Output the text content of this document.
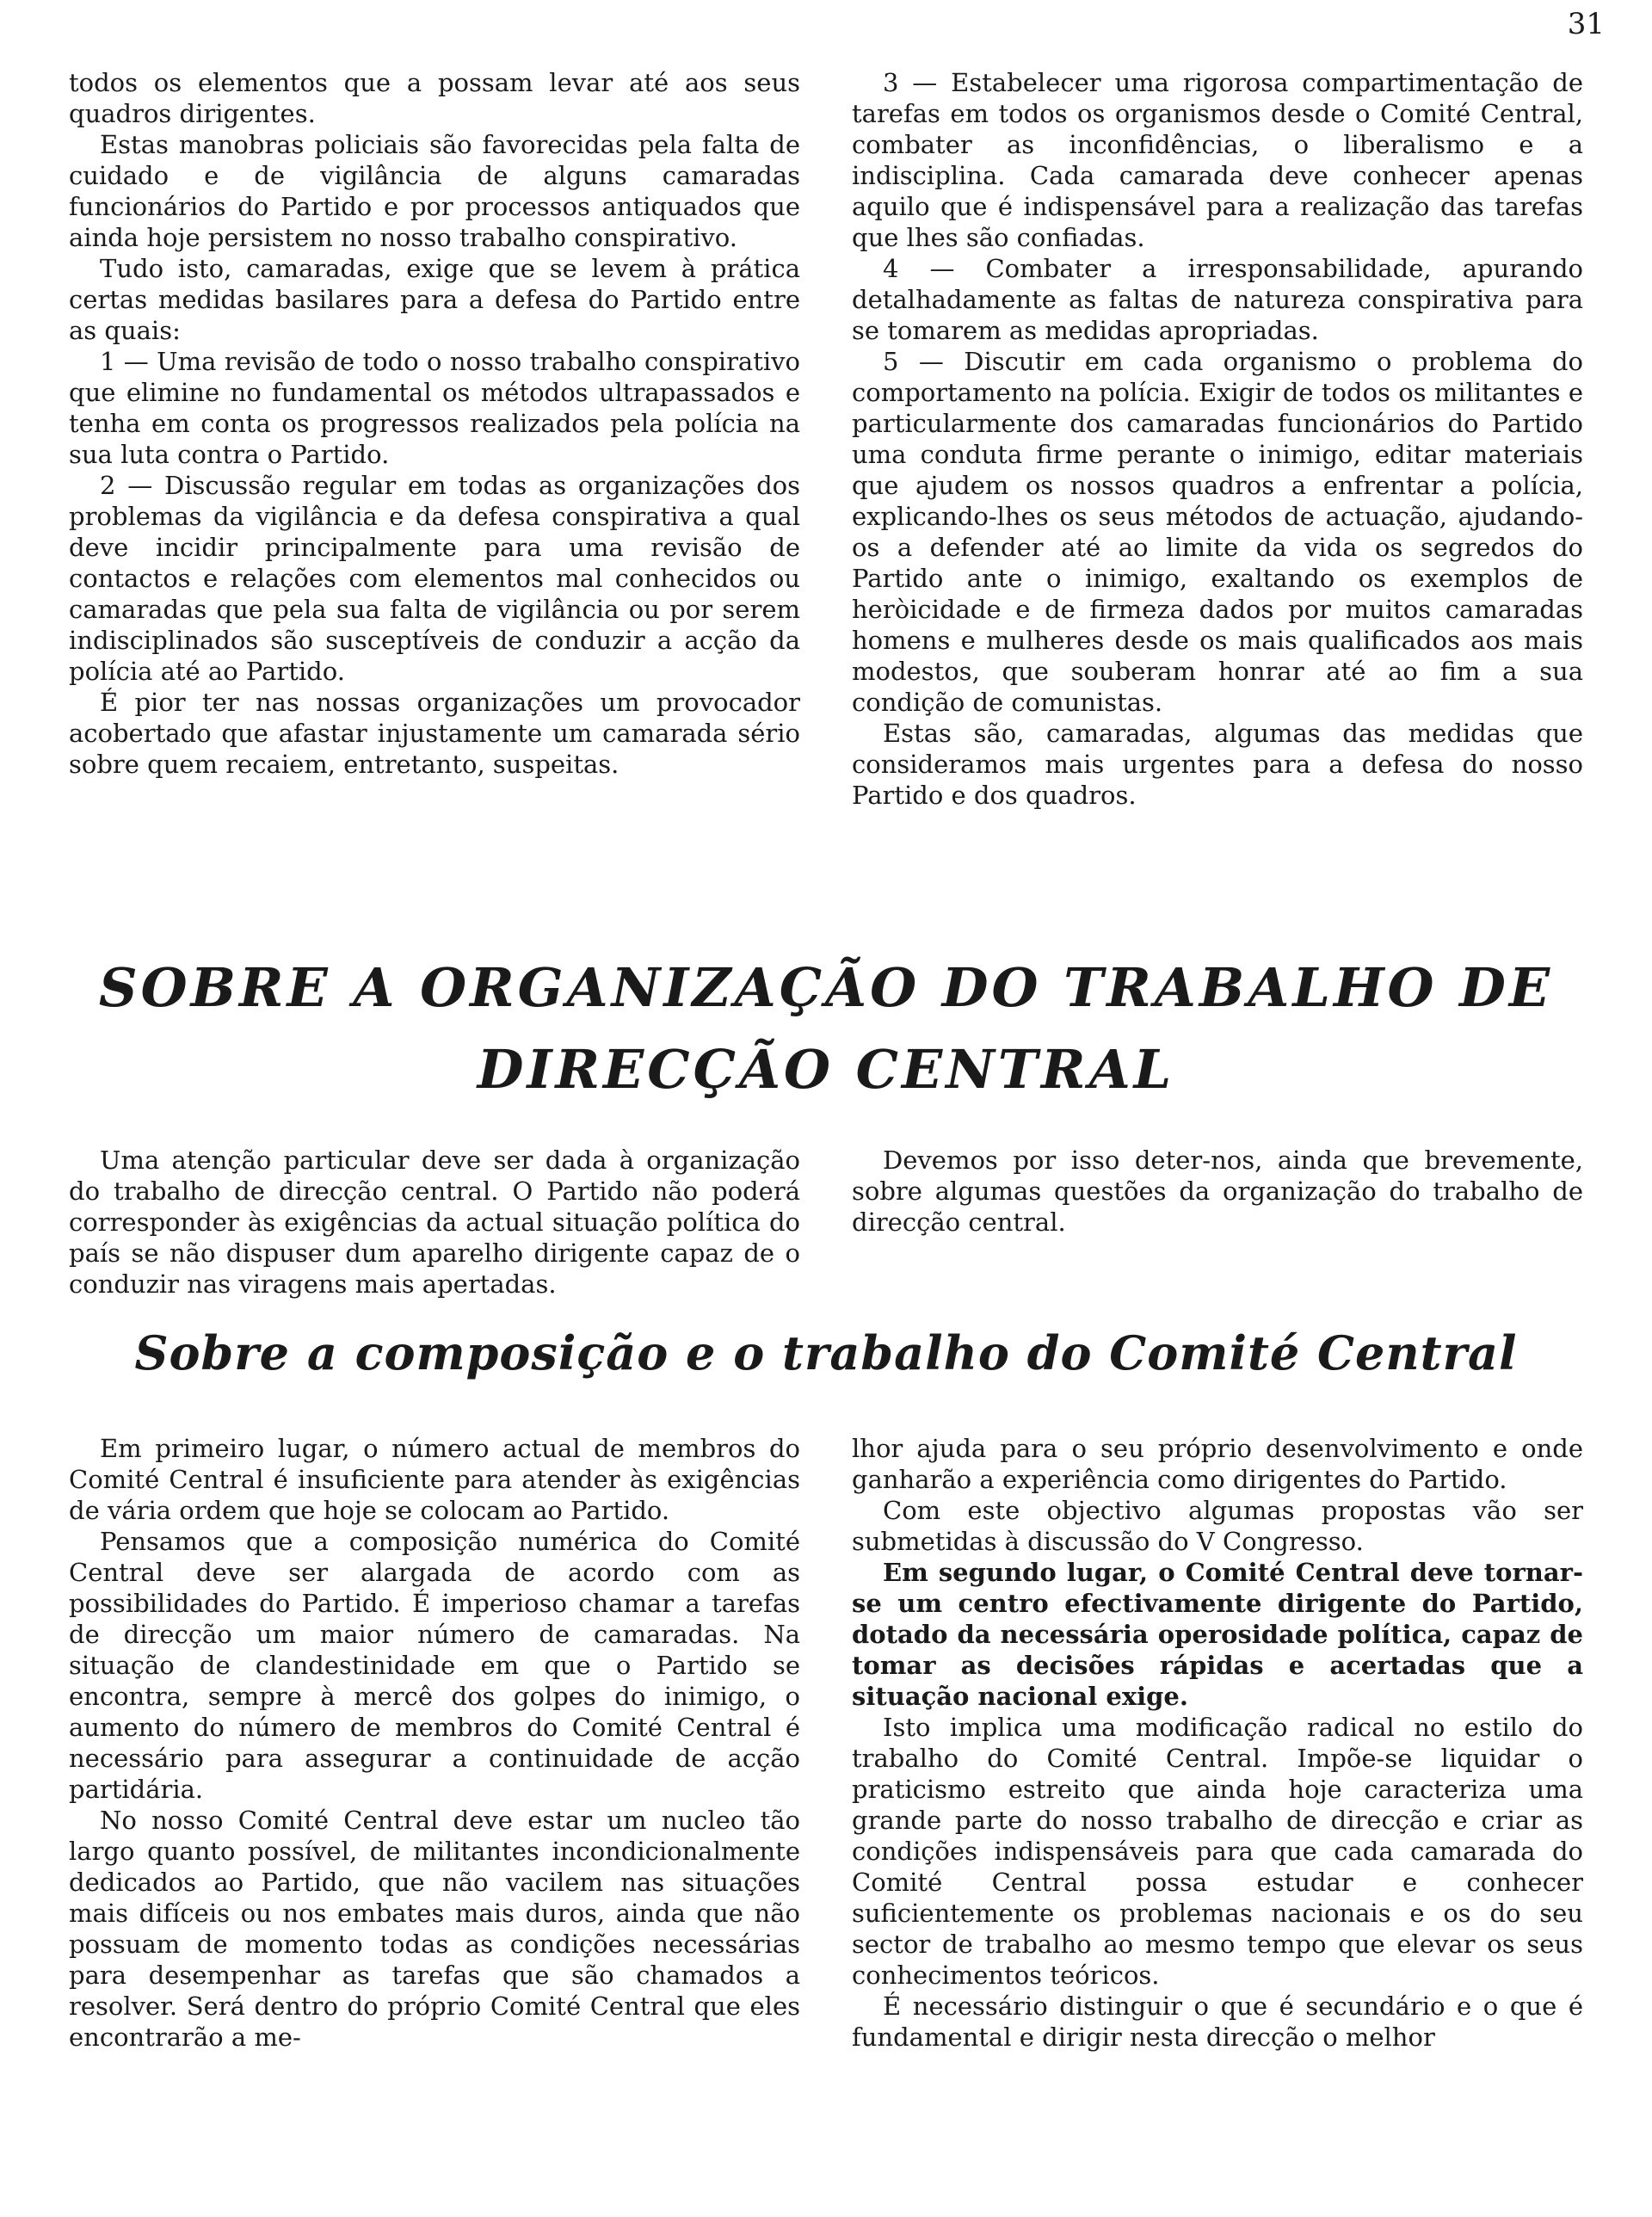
31

todos os elementos que a possam levar até aos seus quadros dirigentes.

Estas manobras policiais são favorecidas pela falta de cuidado e de vigilância de alguns camaradas funcionários do Partido e por processos antiquados que ainda hoje persistem no nosso trabalho conspirativo.

Tudo isto, camaradas, exige que se levem à prática certas medidas basilares para a defesa do Partido entre as quais:

1 — Uma revisão de todo o nosso trabalho conspirativo que elimine no fundamental os métodos ultrapassados e tenha em conta os progressos realizados pela polícia na sua luta contra o Partido.

2 — Discussão regular em todas as organizações dos problemas da vigilância e da defesa conspirativa a qual deve incidir principalmente para uma revisão de contactos e relações com elementos mal conhecidos ou camaradas que pela sua falta de vigilância ou por serem indisciplinados são susceptíveis de conduzir a acção da polícia até ao Partido.

É pior ter nas nossas organizações um provocador acobertado que afastar injustamente um camarada sério sobre quem recaiem, entretanto, suspeitas.

3 — Estabelecer uma rigorosa compartimentação de tarefas em todos os organismos desde o Comité Central, combater as inconfidências, o liberalismo e a indisciplina. Cada camarada deve conhecer apenas aquilo que é indispensável para a realização das tarefas que lhes são confiadas.

4 — Combater a irresponsabilidade, apurando detalhadamente as faltas de natureza conspirativa para se tomarem as medidas apropriadas.

5 — Discutir em cada organismo o problema do comportamento na polícia. Exigir de todos os militantes e particularmente dos camaradas funcionários do Partido uma conduta firme perante o inimigo, editar materiais que ajudem os nossos quadros a enfrentar a polícia, explicando-lhes os seus métodos de actuação, ajudando-os a defender até ao limite da vida os segredos do Partido ante o inimigo, exaltando os exemplos de heròicidade e de firmeza dados por muitos camaradas homens e mulheres desde os mais qualificados aos mais modestos, que souberam honrar até ao fim a sua condição de comunistas.

Estas são, camaradas, algumas das medidas que consideramos mais urgentes para a defesa do nosso Partido e dos quadros.

SOBRE A ORGANIZAÇÃO DO TRABALHO DE
DIRECÇÃO CENTRAL

Uma atenção particular deve ser dada à organização do trabalho de direcção central. O Partido não poderá corresponder às exigências da actual situação política do país se não dispuser dum aparelho dirigente capaz de o conduzir nas viragens mais apertadas.

Devemos por isso deter-nos, ainda que brevemente, sobre algumas questões da organização do trabalho de direcção central.

Sobre a composição e o trabalho do Comité Central

Em primeiro lugar, o número actual de membros do Comité Central é insuficiente para atender às exigências de vária ordem que hoje se colocam ao Partido.

Pensamos que a composição numérica do Comité Central deve ser alargada de acordo com as possibilidades do Partido. É imperioso chamar a tarefas de direcção um maior número de camaradas. Na situação de clandestinidade em que o Partido se encontra, sempre à mercê dos golpes do inimigo, o aumento do número de membros do Comité Central é necessário para assegurar a continuidade de acção partidária.

No nosso Comité Central deve estar um nucleo tão largo quanto possível, de militantes incondicionalmente dedicados ao Partido, que não vacilem nas situações mais difíceis ou nos embates mais duros, ainda que não possuam de momento todas as condições necessárias para desempenhar as tarefas que são chamados a resolver. Será dentro do próprio Comité Central que eles encontrarão a me-

lhor ajuda para o seu próprio desenvolvimento e onde ganharão a experiência como dirigentes do Partido.

Com este objectivo algumas propostas vão ser submetidas à discussão do V Congresso.

Em segundo lugar, o Comité Central deve tornar-se um centro efectivamente dirigente do Partido, dotado da necessária operosidade política, capaz de tomar as decisões rápidas e acertadas que a situação nacional exige.

Isto implica uma modificação radical no estilo do trabalho do Comité Central. Impõe-se liquidar o praticismo estreito que ainda hoje caracteriza uma grande parte do nosso trabalho de direcção e criar as condições indispensáveis para que cada camarada do Comité Central possa estudar e conhecer suficientemente os problemas nacionais e os do seu sector de trabalho ao mesmo tempo que elevar os seus conhecimentos teóricos.

É necessário distinguir o que é secundário e o que é fundamental e dirigir nesta direcção o melhor
